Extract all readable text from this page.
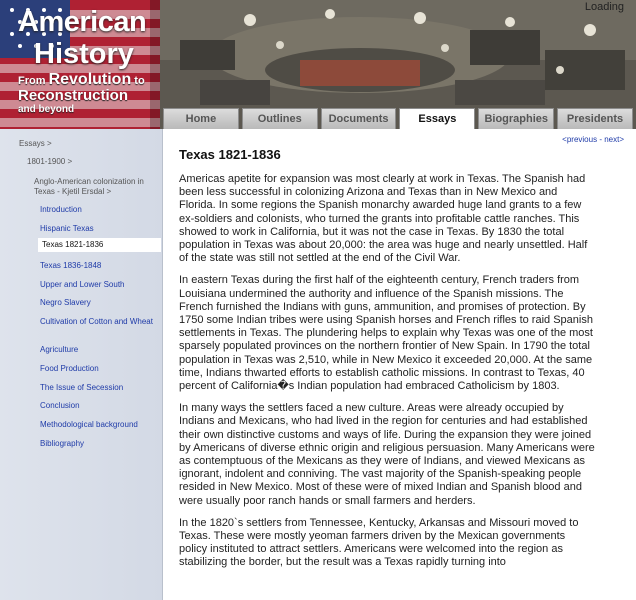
American
History
From Revolution to
Reconstruction
and beyond
Loading
Home	Outlines	Documents	Essays	Biographies	Presidents
Essays >
1801-1900 >
Anglo-American colonization in Texas - Kjetil Ersdal >
Introduction
Hispanic Texas
Texas 1821-1836
Texas 1836-1848
Upper and Lower South
Negro Slavery
Cultivation of Cotton and Wheat
Agriculture
Food Production
The Issue of Secession
Conclusion
Methodological background
Bibliography
<previous - next>
Texas 1821-1836

Americas apetite for expansion was most clearly at work in Texas. The Spanish had been less successful in colonizing Arizona and Texas than in New Mexico and Florida. In some regions the Spanish monarchy awarded huge land grants to a few ex-soldiers and colonists, who turned the grants into profitable cattle ranches. This showed to work in California, but it was not the case in Texas. By 1830 the total population in Texas was about 20,000: the area was huge and nearly unsettled. Half of the state was still not settled at the end of the Civil War.

In eastern Texas during the first half of the eighteenth century, French traders from Louisiana undermined the authority and influence of the Spanish missions. The French furnished the Indians with guns, ammunition, and promises of protection. By 1750 some Indian tribes were using Spanish horses and French rifles to raid Spanish settlements in Texas. The plundering helps to explain why Texas was one of the most sparsely populated provinces on the northern frontier of New Spain. In 1790 the total population in Texas was 2,510, while in New Mexico it exceeded 20,000. At the same time, Indians thwarted efforts to establish catholic missions. In contrast to Texas, 40 percent of California�s Indian population had embraced Catholicism by 1803.

In many ways the settlers faced a new culture. Areas were already occupied by Indians and Mexicans, who had lived in the region for centuries and had established their own distinctive customs and ways of life. During the expansion they were joined by Americans of diverse ethnic origin and religious persuasion. Many Americans were as contemptuous of the Mexicans as they were of Indians, and viewed Mexicans as ignorant, indolent and conniving. The vast majority of the Spanish-speaking people resided in New Mexico. Most of these were of mixed Indian and Spanish blood and were usually poor ranch hands or small farmers and herders.

In the 1820`s settlers from Tennessee, Kentucky, Arkansas and Missouri moved to Texas. These were mostly yeoman farmers driven by the Mexican governments policy instituted to attract settlers. Americans were welcomed into the region as stabilizing the border, but the result was a Texas rapidly turning into
